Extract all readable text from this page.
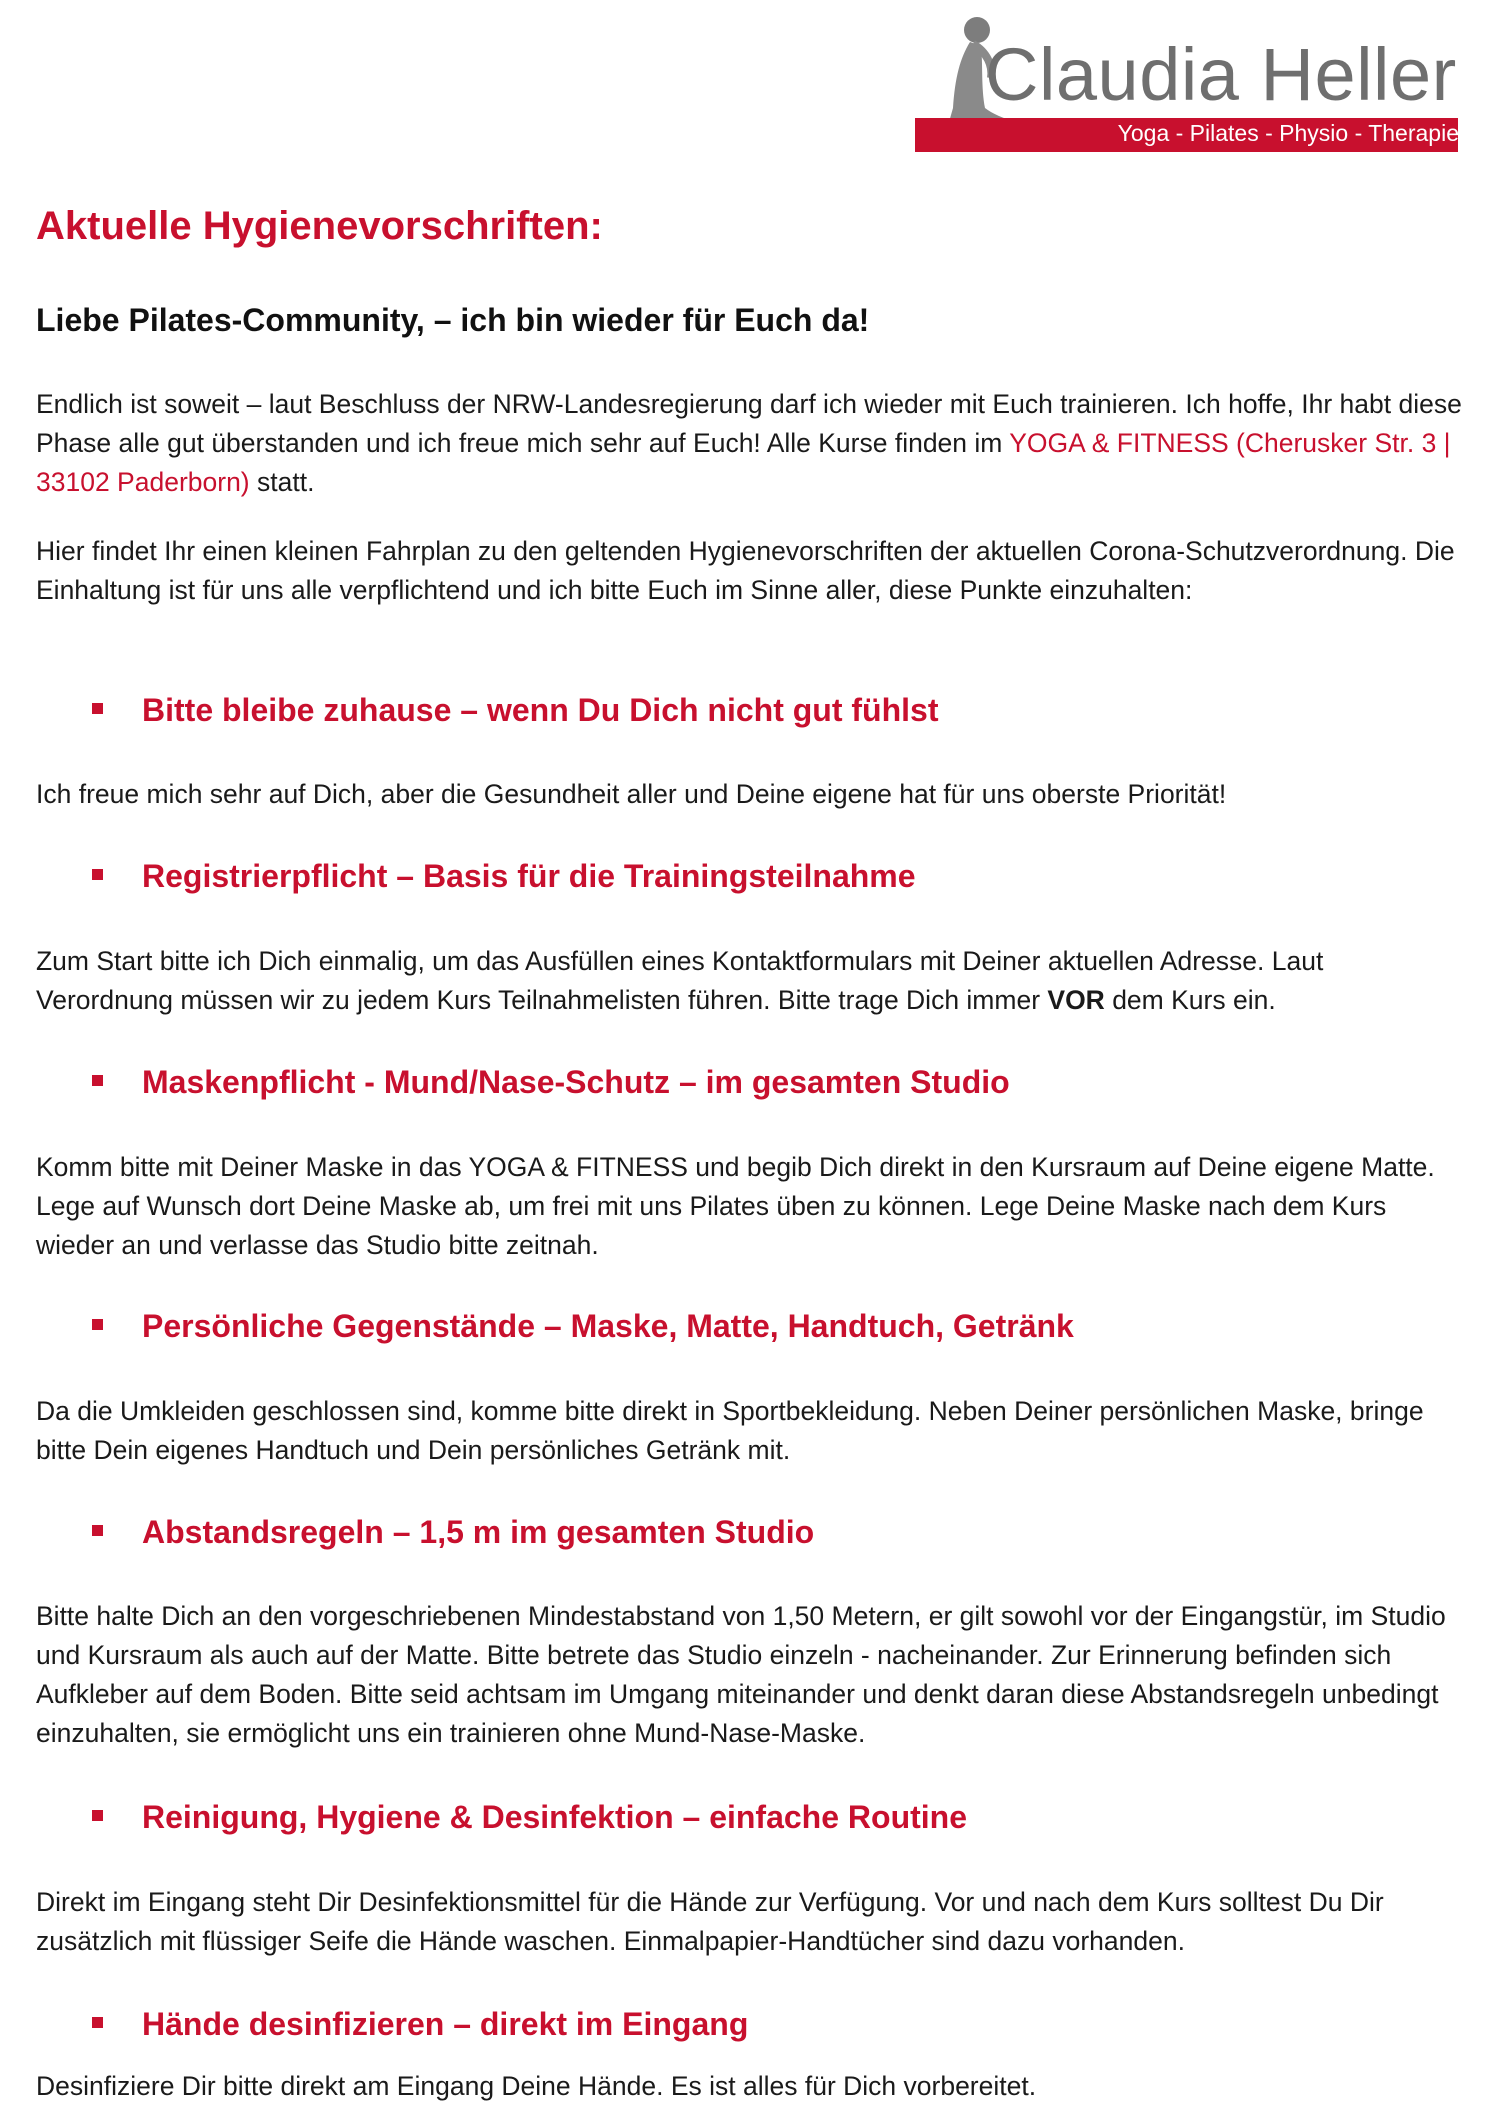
Claudia Heller
Yoga - Pilates - Physio - Therapie
Aktuelle Hygienevorschriften:
Liebe Pilates-Community, – ich bin wieder für Euch da!

Endlich ist soweit – laut Beschluss der NRW-Landesregierung darf ich wieder mit Euch trainieren. Ich hoffe, Ihr habt diese Phase alle gut überstanden und ich freue mich sehr auf Euch! Alle Kurse finden im YOGA & FITNESS (Cherusker Str. 3 | 33102 Paderborn) statt.

Hier findet Ihr einen kleinen Fahrplan zu den geltenden Hygienevorschriften der aktuellen Corona-Schutzverordnung. Die Einhaltung ist für uns alle verpflichtend und ich bitte Euch im Sinne aller, diese Punkte einzuhalten:

Bitte bleibe zuhause – wenn Du Dich nicht gut fühlst

Ich freue mich sehr auf Dich, aber die Gesundheit aller und Deine eigene hat für uns oberste Priorität!

Registrierpflicht – Basis für die Trainingsteilnahme

Zum Start bitte ich Dich einmalig, um das Ausfüllen eines Kontaktformulars mit Deiner aktuellen Adresse. Laut Verordnung müssen wir zu jedem Kurs Teilnahmelisten führen. Bitte trage Dich immer VOR dem Kurs ein.

Maskenpflicht - Mund/Nase-Schutz – im gesamten Studio

Komm bitte mit Deiner Maske in das YOGA & FITNESS und begib Dich direkt in den Kursraum auf Deine eigene Matte. Lege auf Wunsch dort Deine Maske ab, um frei mit uns Pilates üben zu können. Lege Deine Maske nach dem Kurs wieder an und verlasse das Studio bitte zeitnah.

Persönliche Gegenstände – Maske, Matte, Handtuch, Getränk

Da die Umkleiden geschlossen sind, komme bitte direkt in Sportbekleidung. Neben Deiner persönlichen Maske, bringe bitte Dein eigenes Handtuch und Dein persönliches Getränk mit.

Abstandsregeln – 1,5 m im gesamten Studio

Bitte halte Dich an den vorgeschriebenen Mindestabstand von 1,50 Metern, er gilt sowohl vor der Eingangstür, im Studio und Kursraum als auch auf der Matte. Bitte betrete das Studio einzeln - nacheinander. Zur Erinnerung befinden sich Aufkleber auf dem Boden. Bitte seid achtsam im Umgang miteinander und denkt daran diese Abstandsregeln unbedingt einzuhalten, sie ermöglicht uns ein trainieren ohne Mund-Nase-Maske.

Reinigung, Hygiene & Desinfektion – einfache Routine

Direkt im Eingang steht Dir Desinfektionsmittel für die Hände zur Verfügung. Vor und nach dem Kurs solltest Du Dir zusätzlich mit flüssiger Seife die Hände waschen. Einmalpapier-Handtücher sind dazu vorhanden.

Hände desinfizieren – direkt im Eingang

Desinfiziere Dir bitte direkt am Eingang Deine Hände. Es ist alles für Dich vorbereitet.
